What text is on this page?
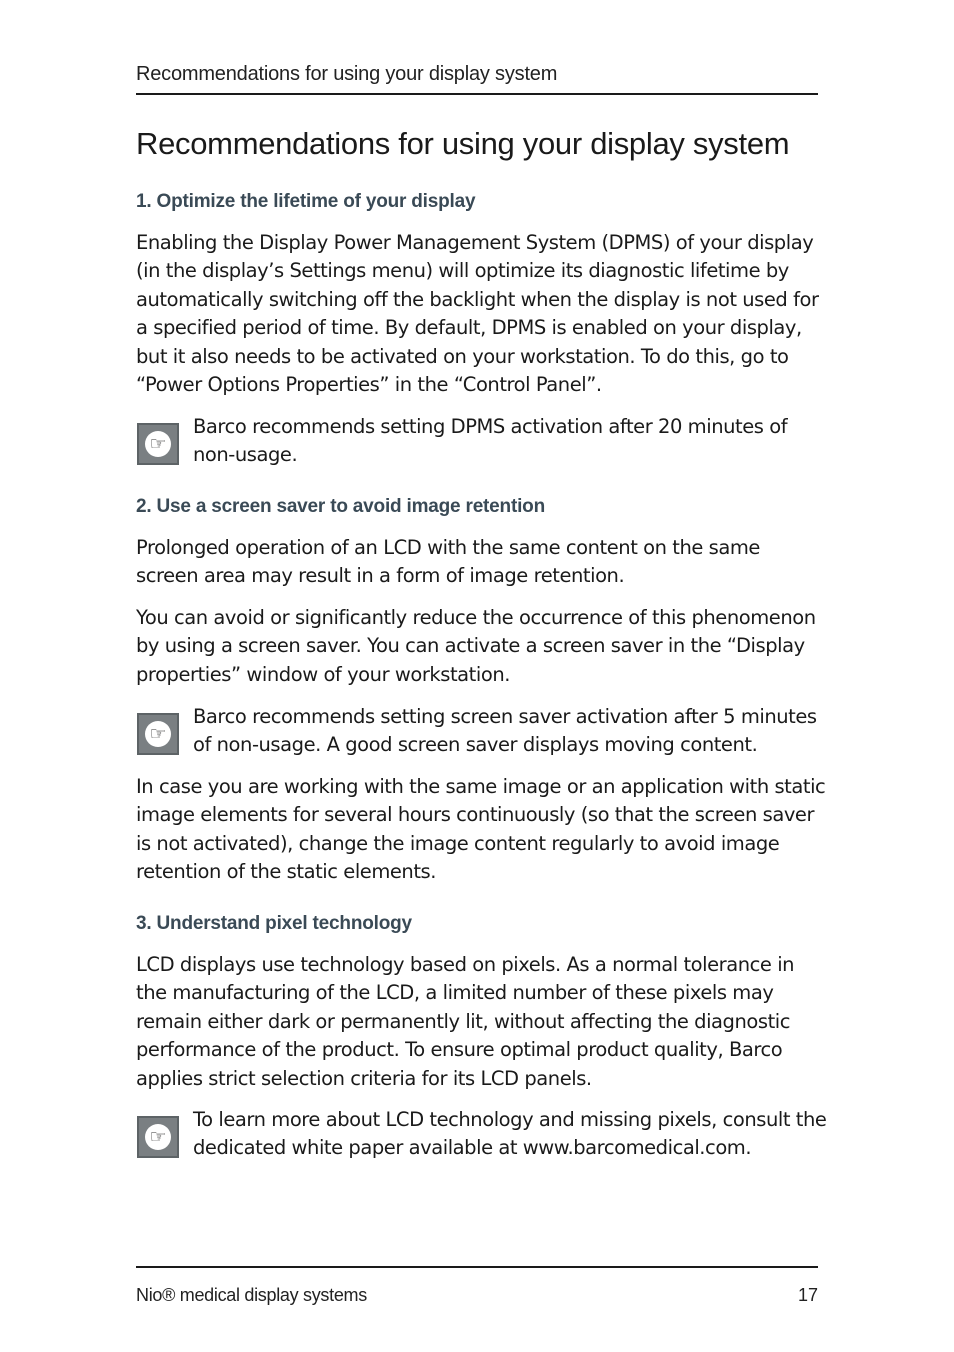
Recommendations for using your display system
Recommendations for using your display system
1. Optimize the lifetime of your display

Enabling the Display Power Management System (DPMS) of your display (in the display’s Settings menu) will optimize its diagnostic lifetime by automatically switching off the backlight when the display is not used for a specified period of time. By default, DPMS is enabled on your display, but it also needs to be activated on your workstation. To do this, go to “Power Options Properties” in the “Control Panel”.

☞

Barco recommends setting DPMS activation after 20 minutes of non-usage.

2. Use a screen saver to avoid image retention

Prolonged operation of an LCD with the same content on the same screen area may result in a form of image retention.

You can avoid or significantly reduce the occurrence of this phenomenon by using a screen saver. You can activate a screen saver in the “Display properties” window of your workstation.

☞

Barco recommends setting screen saver activation after 5 minutes of non-usage. A good screen saver displays moving content.

In case you are working with the same image or an application with static image elements for several hours continuously (so that the screen saver is not activated), change the image content regularly to avoid image retention of the static elements.

3. Understand pixel technology

LCD displays use technology based on pixels. As a normal tolerance in the manufacturing of the LCD, a limited number of these pixels may remain either dark or permanently lit, without affecting the diagnostic performance of the product. To ensure optimal product quality, Barco applies strict selection criteria for its LCD panels.

☞

To learn more about LCD technology and missing pixels, consult the dedicated white paper available at www.barcomedical.com.

Nio® medical display systems	17
